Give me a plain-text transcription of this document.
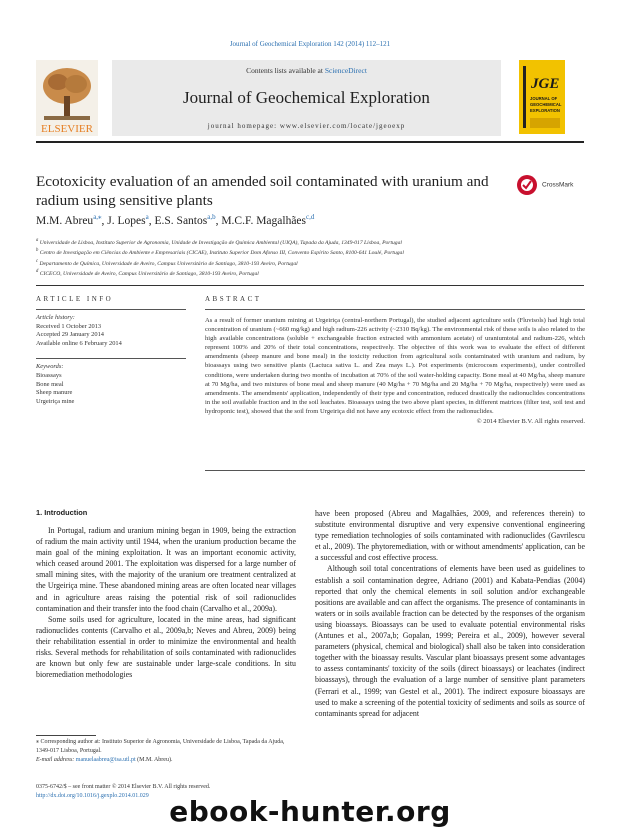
Journal of Geochemical Exploration 142 (2014) 112–121
Contents lists available at ScienceDirect
Journal of Geochemical Exploration
journal homepage: www.elsevier.com/locate/jgeoexp
ELSEVIER
JGE
JOURNAL OF
GEOCHEMICAL
EXPLORATION
Ecotoxicity evaluation of an amended soil contaminated with uranium and radium using sensitive plants
CrossMark
M.M. Abreu$^{a,⁎}$, J. Lopes$^a$, E.S. Santos$^{a,b}$, M.C.F. Magalhães$^{c,d}$
$^a$ Universidade de Lisboa, Instituto Superior de Agronomia, Unidade de Investigação de Química Ambiental (UIQA), Tapada da Ajuda, 1349-017 Lisboa, Portugal
$^b$ Centro de Investigação em Ciências do Ambiente e Empresariais (CICAE), Instituto Superior Dom Afonso III, Convento Espírito Santo, 8100-641 Loulé, Portugal
$^c$ Departamento de Química, Universidade de Aveiro, Campus Universitário de Santiago, 3810-193 Aveiro, Portugal
$^d$ CICECO, Universidade de Aveiro, Campus Universitário de Santiago, 3810-193 Aveiro, Portugal
ARTICLE INFO
Article history:
Received 1 October 2013
Accepted 29 January 2014
Available online 6 February 2014
Keywords:
Bioassays
Bone meal
Sheep manure
Urgeiriça mine
ABSTRACT
As a result of former uranium mining at Urgeiriça (central-northern Portugal), the studied adjacent agriculture soils (Fluvisols) had high total concentration of uranium (~660 mg/kg) and high radium-226 activity (~2310 Bq/kg). The environmental risk of these soils is also related to the high available concentrations (soluble + exchangeable fraction extracted with ammonium acetate) of uraniumtotal and radium-226, which represent 100% and 20% of their total concentrations, respectively. The objective of this work was to evaluate the effect of different amendments (sheep manure and bone meal) in the toxicity reduction from agricultural soils contaminated with uranium and radium, by bioassays using two sensitive plants (Lactuca sativa L. and Zea mays L.). Pot experiments (microcosm experiments), under controlled conditions, were undertaken during two months of incubation at 70% of the soil water-holding capacity. Bone meal at 40 Mg/ha, sheep manure at 70 Mg/ha, and two mixtures of bone meal and sheep manure (40 Mg/ha + 70 Mg/ha and 20 Mg/ha + 70 Mg/ha, respectively) were used as amendments. The amendments' application, independently of their type and concentration, reduced drastically the radionuclides concentrations in the soil available fraction and in the soil leachates. Bioassays using the two above plant species, in different matrices (filter test, soil test and hydroponic test), showed that the soil from Urgeiriça did not have any ecotoxic effect from the radionuclides.
© 2014 Elsevier B.V. All rights reserved.
1. Introduction

In Portugal, radium and uranium mining began in 1909, being the extraction of radium the main activity until 1944, when the uranium production became the main goal of the mining exploitation. It was an important economic activity, which ceased around 2001. The exploitation was dispersed for a large number of small mining sites, with the majority of the uranium ore treatment centralized at the Urgeiriça mine. These abandoned mining areas are often located near villages and in agriculture areas raising the potential risk of soil radionuclides contamination and their transfer into the food chain (Carvalho et al., 2009a).

Some soils used for agriculture, located in the mine areas, had significant radionuclides contents (Carvalho et al., 2009a,b; Neves and Abreu, 2009) being their rehabilitation essential in order to minimize the environmental and health risks. Several methods for rehabilitation of soils contaminated with radionuclides are known but only few are sustainable under large-scale conditions. In situ bioremediation methodologies

have been proposed (Abreu and Magalhães, 2009, and references therein) to substitute environmental disruptive and very expensive conventional engineering type remediation technologies of soils contaminated with radionuclides (Gavrilescu et al., 2009). The phytoremediation, with or without amendments' application, can be a successful and cost effective process.

Although soil total concentrations of elements have been used as guidelines to establish a soil contamination degree, Adriano (2001) and Kabata-Pendias (2004) reported that only the chemical elements in soil solution and/or exchangeable positions are available and can affect the organisms. The presence of contaminants in waters or in soils available fraction can be detected by the responses of the organism using bioassays. Bioassays can be used to evaluate potential environmental risks (Antunes et al., 2007a,b; Gopalan, 1999; Pereira et al., 2009), however several parameters (physical, chemical and biological) shall also be taken into consideration together with the bioassay results. Vascular plant bioassays present some advantages to assess contaminants' toxicity of the soils (direct bioassays) or leachates (indirect bioassays), through the evaluation of a large number of sensitive plant parameters (Ferrari et al., 1999; van Gestel et al., 2001). The indirect exposure bioassays are used to make a screening of the potential toxicity of sediments and soils as source of contaminants spread for adjacent

⁎ Corresponding author at: Instituto Superior de Agronomia, Universidade de Lisboa, Tapada da Ajuda, 1349-017 Lisboa, Portugal.
E-mail address: manuelaabreu@isa.utl.pt (M.M. Abreu).
0375-6742/$ – see front matter © 2014 Elsevier B.V. All rights reserved.
http://dx.doi.org/10.1016/j.gexplo.2014.01.029 ebook-hunter.org
